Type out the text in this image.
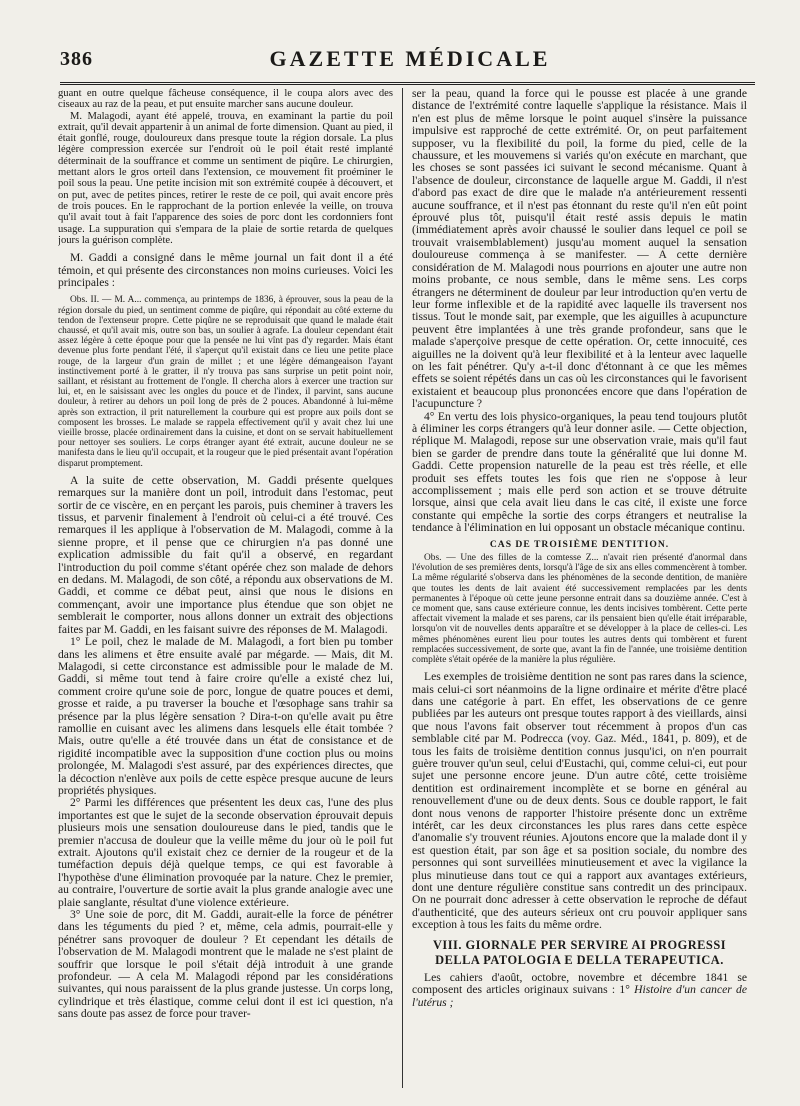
386	GAZETTE MÉDICALE

guant en outre quelque fâcheuse conséquence, il le coupa alors avec des ciseaux au raz de la peau, et put ensuite marcher sans aucune douleur.

M. Malagodi, ayant été appelé, trouva, en examinant la partie du poil extrait, qu'il devait appartenir à un animal de forte dimension. Quant au pied, il était gonflé, rouge, douloureux dans presque toute la région dorsale. La plus légère compression exercée sur l'endroit où le poil était resté implanté déterminait de la souffrance et comme un sentiment de piqûre. Le chirurgien, mettant alors le gros orteil dans l'extension, ce mouvement fit proéminer le poil sous la peau. Une petite incision mit son extrémité coupée à découvert, et on put, avec de petites pinces, retirer le reste de ce poil, qui avait encore près de trois pouces. En le rapprochant de la portion enlevée la veille, on trouva qu'il avait tout à fait l'apparence des soies de porc dont les cordonniers font usage. La suppuration qui s'empara de la plaie de sortie retarda de quelques jours la guérison complète.

M. Gaddi a consigné dans le même journal un fait dont il a été témoin, et qui présente des circonstances non moins curieuses. Voici les principales :

Obs. II. — M. A... commença, au printemps de 1836, à éprouver, sous la peau de la région dorsale du pied, un sentiment comme de piqûre, qui répondait au côté externe du tendon de l'extenseur propre. Cette piqûre ne se reproduisait que quand le malade était chaussé, et qu'il avait mis, outre son bas, un soulier à agrafe. La douleur cependant était assez légère à cette époque pour que la pensée ne lui vînt pas d'y regarder. Mais étant devenue plus forte pendant l'été, il s'aperçut qu'il existait dans ce lieu une petite place rouge, de la largeur d'un grain de millet ; et une légère démangeaison l'ayant instinctivement porté à le gratter, il n'y trouva pas sans surprise un petit point noir, saillant, et résistant au frottement de l'ongle. Il chercha alors à exercer une traction sur lui, et, en le saisissant avec les ongles du pouce et de l'index, il parvint, sans aucune douleur, à retirer au dehors un poil long de près de 2 pouces. Abandonné à lui-même après son extraction, il prit naturellement la courbure qui est propre aux poils dont se composent les brosses. Le malade se rappela effectivement qu'il y avait chez lui une vieille brosse, placée ordinairement dans la cuisine, et dont on se servait habituellement pour nettoyer ses souliers. Le corps étranger ayant été extrait, aucune douleur ne se manifesta dans le lieu qu'il occupait, et la rougeur que le pied présentait avant l'opération disparut promptement.

A la suite de cette observation, M. Gaddi présente quelques remarques sur la manière dont un poil, introduit dans l'estomac, peut sortir de ce viscère, en en perçant les parois, puis cheminer à travers les tissus, et parvenir finalement à l'endroit où celui-ci a été trouvé. Ces remarques il les applique à l'observation de M. Malagodi, comme à la sienne propre, et il pense que ce chirurgien n'a pas donné une explication admissible du fait qu'il a observé, en regardant l'introduction du poil comme s'étant opérée chez son malade de dehors en dedans. M. Malagodi, de son côté, a répondu aux observations de M. Gaddi, et comme ce débat peut, ainsi que nous le disions en commençant, avoir une importance plus étendue que son objet ne semblerait le comporter, nous allons donner un extrait des objections faites par M. Gaddi, en les faisant suivre des réponses de M. Malagodi.

1° Le poil, chez le malade de M. Malagodi, a fort bien pu tomber dans les alimens et être ensuite avalé par mégarde. — Mais, dit M. Malagodi, si cette circonstance est admissible pour le malade de M. Gaddi, si même tout tend à faire croire qu'elle a existé chez lui, comment croire qu'une soie de porc, longue de quatre pouces et demi, grosse et raide, a pu traverser la bouche et l'œsophage sans trahir sa présence par la plus légère sensation ? Dira-t-on qu'elle avait pu être ramollie en cuisant avec les alimens dans lesquels elle était tombée ? Mais, outre qu'elle a été trouvée dans un état de consistance et de rigidité incompatible avec la supposition d'une coction plus ou moins prolongée, M. Malagodi s'est assuré, par des expériences directes, que la décoction n'enlève aux poils de cette espèce presque aucune de leurs propriétés physiques.

2° Parmi les différences que présentent les deux cas, l'une des plus importantes est que le sujet de la seconde observation éprouvait depuis plusieurs mois une sensation douloureuse dans le pied, tandis que le premier n'accusa de douleur que la veille même du jour où le poil fut extrait. Ajoutons qu'il existait chez ce dernier de la rougeur et de la tuméfaction depuis déjà quelque temps, ce qui est favorable à l'hypothèse d'une élimination provoquée par la nature. Chez le premier, au contraire, l'ouverture de sortie avait la plus grande analogie avec une plaie sanglante, résultat d'une violence extérieure.

3° Une soie de porc, dit M. Gaddi, aurait-elle la force de pénétrer dans les téguments du pied ? et, même, cela admis, pourrait-elle y pénétrer sans provoquer de douleur ? Et cependant les détails de l'observation de M. Malagodi montrent que le malade ne s'est plaint de souffrir que lorsque le poil s'était déjà introduit à une grande profondeur. — A cela M. Malagodi répond par les considérations suivantes, qui nous paraissent de la plus grande justesse. Un corps long, cylindrique et très élastique, comme celui dont il est ici question, n'a sans doute pas assez de force pour traver-

ser la peau, quand la force qui le pousse est placée à une grande distance de l'extrémité contre laquelle s'applique la résistance. Mais il n'en est plus de même lorsque le point auquel s'insère la puissance impulsive est rapproché de cette extrémité. Or, on peut parfaitement supposer, vu la flexibilité du poil, la forme du pied, celle de la chaussure, et les mouvemens si variés qu'on exécute en marchant, que les choses se sont passées ici suivant le second mécanisme. Quant à l'absence de douleur, circonstance de laquelle argue M. Gaddi, il n'est d'abord pas exact de dire que le malade n'a antérieurement ressenti aucune souffrance, et il n'est pas étonnant du reste qu'il n'en eût point éprouvé plus tôt, puisqu'il était resté assis depuis le matin (immédiatement après avoir chaussé le soulier dans lequel ce poil se trouvait vraisemblablement) jusqu'au moment auquel la sensation douloureuse commença à se manifester. — A cette dernière considération de M. Malagodi nous pourrions en ajouter une autre non moins probante, ce nous semble, dans le même sens. Les corps étrangers ne déterminent de douleur par leur introduction qu'en vertu de leur forme inflexible et de la rapidité avec laquelle ils traversent nos tissus. Tout le monde sait, par exemple, que les aiguilles à acupuncture peuvent être implantées à une très grande profondeur, sans que le malade s'aperçoive presque de cette opération. Or, cette innocuité, ces aiguilles ne la doivent qu'à leur flexibilité et à la lenteur avec laquelle on les fait pénétrer. Qu'y a-t-il donc d'étonnant à ce que les mêmes effets se soient répétés dans un cas où les circonstances qui le favorisent existaient et beaucoup plus prononcées encore que dans l'opération de l'acupuncture ?

4° En vertu des lois physico-organiques, la peau tend toujours plutôt à éliminer les corps étrangers qu'à leur donner asile. — Cette objection, réplique M. Malagodi, repose sur une observation vraie, mais qu'il faut bien se garder de prendre dans toute la généralité que lui donne M. Gaddi. Cette propension naturelle de la peau est très réelle, et elle produit ses effets toutes les fois que rien ne s'oppose à leur accomplissement ; mais elle perd son action et se trouve détruite lorsque, ainsi que cela avait lieu dans le cas cité, il existe une force constante qui empêche la sortie des corps étrangers et neutralise la tendance à l'élimination en lui opposant un obstacle mécanique continu.

CAS DE TROISIÈME DENTITION.

Obs. — Une des filles de la comtesse Z... n'avait rien présenté d'anormal dans l'évolution de ses premières dents, lorsqu'à l'âge de six ans elles commencèrent à tomber. La même régularité s'observa dans les phénomènes de la seconde dentition, de manière que toutes les dents de lait avaient été successivement remplacées par les dents permanentes à l'époque où cette jeune personne entrait dans sa douzième année. C'est à ce moment que, sans cause extérieure connue, les dents incisives tombèrent. Cette perte affectait vivement la malade et ses parens, car ils pensaient bien qu'elle était irréparable, lorsqu'on vit de nouvelles dents apparaître et se développer à la place de celles-ci. Les mêmes phénomènes eurent lieu pour toutes les autres dents qui tombèrent et furent remplacées successivement, de sorte que, avant la fin de l'année, une troisième dentition complète s'était opérée de la manière la plus régulière.

Les exemples de troisième dentition ne sont pas rares dans la science, mais celui-ci sort néanmoins de la ligne ordinaire et mérite d'être placé dans une catégorie à part. En effet, les observations de ce genre publiées par les auteurs ont presque toutes rapport à des vieillards, ainsi que nous l'avons fait observer tout récemment à propos d'un cas semblable cité par M. Podrecca (voy. Gaz. Méd., 1841, p. 809), et de tous les faits de troisième dentition connus jusqu'ici, on n'en pourrait guère trouver qu'un seul, celui d'Eustachi, qui, comme celui-ci, eut pour sujet une personne encore jeune. D'un autre côté, cette troisième dentition est ordinairement incomplète et se borne en général au renouvellement d'une ou de deux dents. Sous ce double rapport, le fait dont nous venons de rapporter l'histoire présente donc un extrême intérêt, car les deux circonstances les plus rares dans cette espèce d'anomalie s'y trouvent réunies. Ajoutons encore que la malade dont il y est question était, par son âge et sa position sociale, du nombre des personnes qui sont surveillées minutieusement et avec la vigilance la plus minutieuse dans tout ce qui a rapport aux avantages extérieurs, dont une denture régulière constitue sans contredit un des principaux. On ne pourrait donc adresser à cette observation le reproche de défaut d'authenticité, que des auteurs sérieux ont cru pouvoir appliquer sans exception à tous les faits du même ordre.

VIII. GIORNALE PER SERVIRE AI PROGRESSI DELLA PATOLOGIA E DELLA TERAPEUTICA.

Les cahiers d'août, octobre, novembre et décembre 1841 se composent des articles originaux suivans : 1° Histoire d'un cancer de l'utérus ;
